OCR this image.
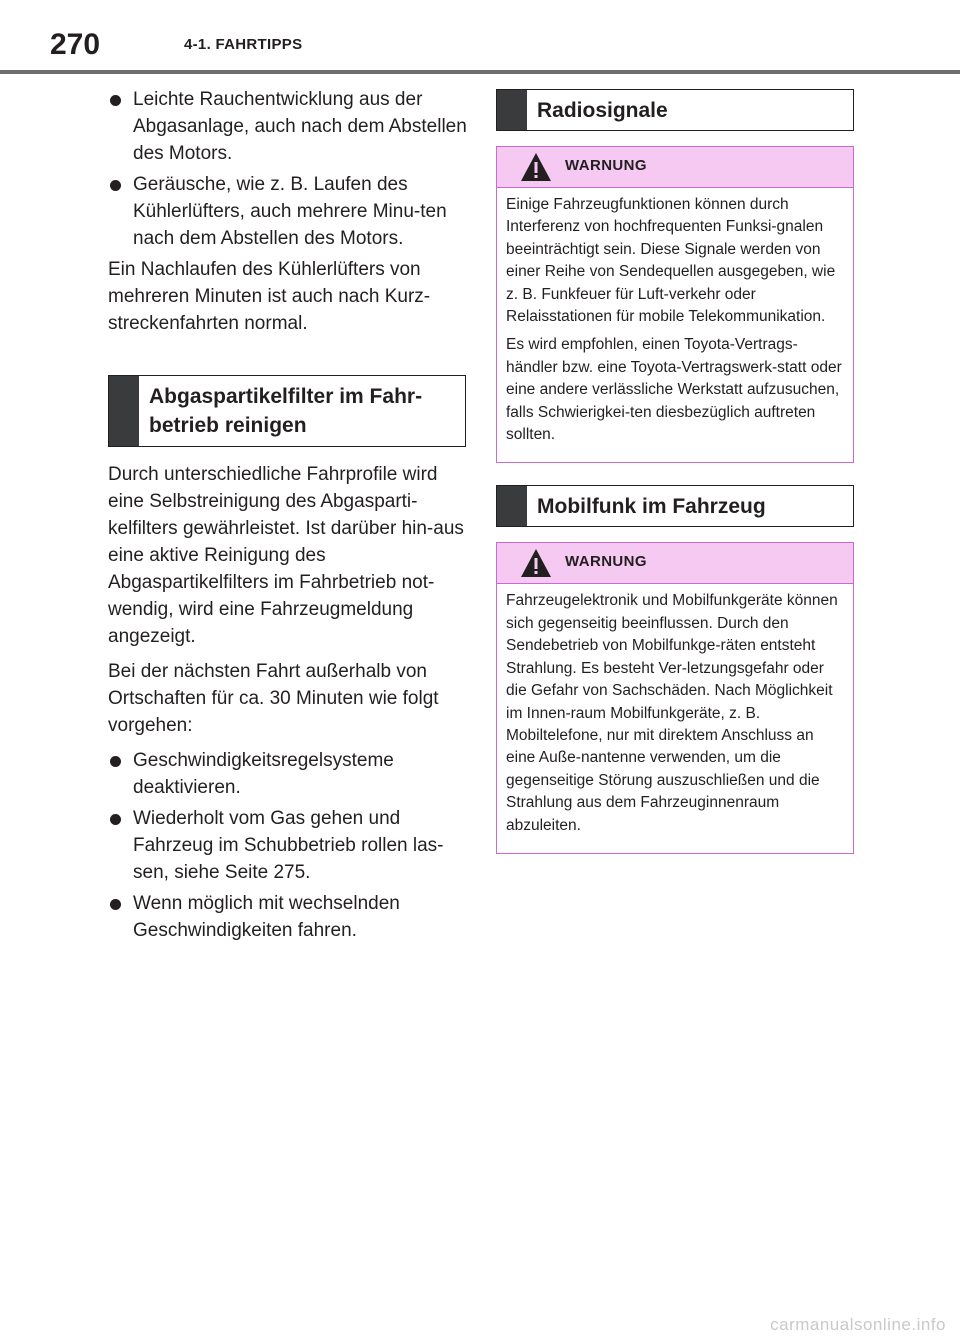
270	4-1. FAHRTIPPS
Leichte Rauchentwicklung aus der Abgasanlage, auch nach dem Abstellen des Motors.
Geräusche, wie z. B. Laufen des Kühlerlüfters, auch mehrere Minu-ten nach dem Abstellen des Motors.

Ein Nachlaufen des Kühlerlüfters von mehreren Minuten ist auch nach Kurz-streckenfahrten normal.

Abgaspartikelfilter im Fahr-betrieb reinigen

Durch unterschiedliche Fahrprofile wird eine Selbstreinigung des Abgasparti-kelfilters gewährleistet. Ist darüber hin-aus eine aktive Reinigung des Abgaspartikelfilters im Fahrbetrieb not-wendig, wird eine Fahrzeugmeldung angezeigt.

Bei der nächsten Fahrt außerhalb von Ortschaften für ca. 30 Minuten wie folgt vorgehen:

Geschwindigkeitsregelsysteme deaktivieren.
Wiederholt vom Gas gehen und Fahrzeug im Schubbetrieb rollen las-sen, siehe Seite 275.
Wenn möglich mit wechselnden Geschwindigkeiten fahren.
Radiosignale
WARNUNG

Einige Fahrzeugfunktionen können durch Interferenz von hochfrequenten Funksi-gnalen beeinträchtigt sein. Diese Signale werden von einer Reihe von Sendequellen ausgegeben, wie z. B. Funkfeuer für Luft-verkehr oder Relaisstationen für mobile Telekommunikation.

Es wird empfohlen, einen Toyota-Vertrags-händler bzw. eine Toyota-Vertragswerk-statt oder eine andere verlässliche Werkstatt aufzusuchen, falls Schwierigkei-ten diesbezüglich auftreten sollten.

Mobilfunk im Fahrzeug
WARNUNG

Fahrzeugelektronik und Mobilfunkgeräte können sich gegenseitig beeinflussen. Durch den Sendebetrieb von Mobilfunkge-räten entsteht Strahlung. Es besteht Ver-letzungsgefahr oder die Gefahr von Sachschäden. Nach Möglichkeit im Innen-raum Mobilfunkgeräte, z. B. Mobiltelefone, nur mit direktem Anschluss an eine Auße-nantenne verwenden, um die gegenseitige Störung auszuschließen und die Strahlung aus dem Fahrzeuginnenraum abzuleiten.

carmanualsonline.info
